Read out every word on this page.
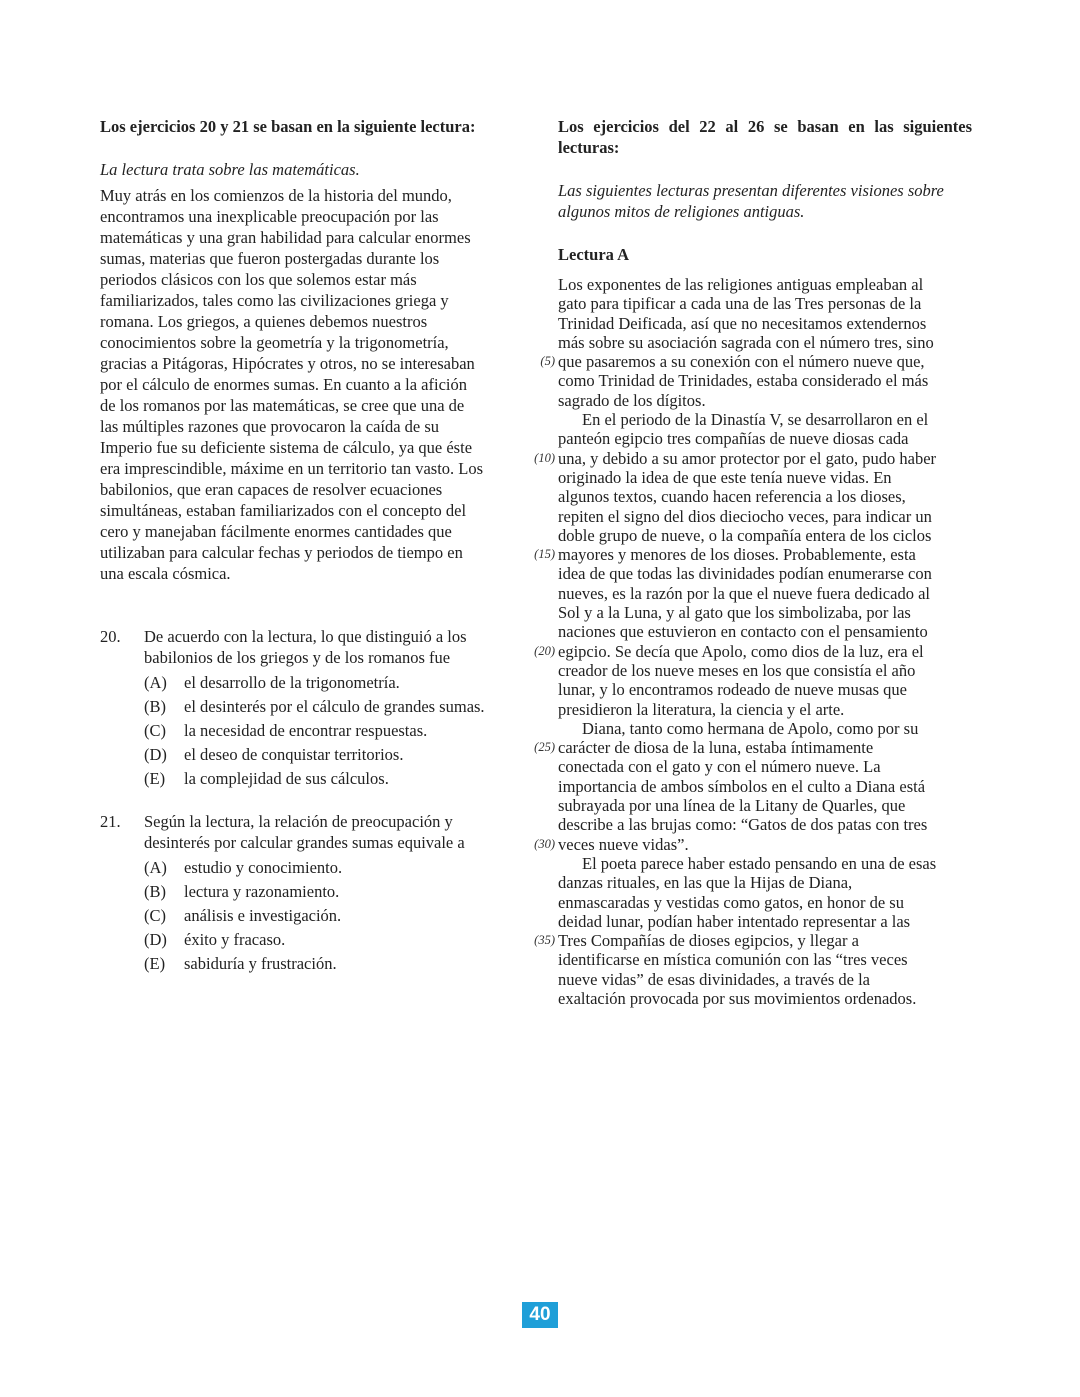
Los ejercicios 20 y 21 se basan en la siguiente lectura:

La lectura trata sobre las matemáticas.

Muy atrás en los comienzos de la historia del mundo,
encontramos una inexplicable preocupación por las
matemáticas y una gran habilidad para calcular enormes
sumas, materias que fueron postergadas durante los
periodos clásicos con los que solemos estar más
familiarizados, tales como las civilizaciones griega y
romana. Los griegos, a quienes debemos nuestros
conocimientos sobre la geometría y la trigonometría,
gracias a Pitágoras, Hipócrates y otros, no se interesaban
por el cálculo de enormes sumas. En cuanto a la afición
de los romanos por las matemáticas, se cree que una de
las múltiples razones que provocaron la caída de su
Imperio fue su deficiente sistema de cálculo, ya que éste
era imprescindible, máxime en un territorio tan vasto. Los
babilonios, que eran capaces de resolver ecuaciones
simultáneas, estaban familiarizados con el concepto del
cero y manejaban fácilmente enormes cantidades que
utilizaban para calcular fechas y periodos de tiempo en
una escala cósmica.
20. De acuerdo con la lectura, lo que distinguió a los
babilonios de los griegos y de los romanos fue
(A) el desarrollo de la trigonometría.
(B) el desinterés por el cálculo de grandes sumas.
(C) la necesidad de encontrar respuestas.
(D) el deseo de conquistar territorios.
(E) la complejidad de sus cálculos.
21. Según la lectura, la relación de preocupación y
desinterés por calcular grandes sumas equivale a
(A) estudio y conocimiento.
(B) lectura y razonamiento.
(C) análisis e investigación.
(D) éxito y fracaso.
(E) sabiduría y frustración.

Los ejercicios del 22 al 26 se basan en las siguientes lecturas:

Las siguientes lecturas presentan diferentes visiones sobre algunos mitos de religiones antiguas.

Lectura A

Los exponentes de las religiones antiguas empleaban al
gato para tipificar a cada una de las Tres personas de la
Trinidad Deificada, así que no necesitamos extendernos
más sobre su asociación sagrada con el número tres, sino
(5) que pasaremos a su conexión con el número nueve que,
como Trinidad de Trinidades, estaba considerado el más
sagrado de los dígitos.
En el periodo de la Dinastía V, se desarrollaron en el
panteón egipcio tres compañías de nueve diosas cada
(10) una, y debido a su amor protector por el gato, pudo haber
originado la idea de que este tenía nueve vidas. En
algunos textos, cuando hacen referencia a los dioses,
repiten el signo del dios dieciocho veces, para indicar un
doble grupo de nueve, o la compañía entera de los ciclos
(15) mayores y menores de los dioses. Probablemente, esta
idea de que todas las divinidades podían enumerarse con
nueves, es la razón por la que el nueve fuera dedicado al
Sol y a la Luna, y al gato que los simbolizaba, por las
naciones que estuvieron en contacto con el pensamiento
(20) egipcio. Se decía que Apolo, como dios de la luz, era el
creador de los nueve meses en los que consistía el año
lunar, y lo encontramos rodeado de nueve musas que
presidieron la literatura, la ciencia y el arte.
Diana, tanto como hermana de Apolo, como por su
(25) carácter de diosa de la luna, estaba íntimamente
conectada con el gato y con el número nueve. La
importancia de ambos símbolos en el culto a Diana está
subrayada por una línea de la Litany de Quarles, que
describe a las brujas como: “Gatos de dos patas con tres
(30) veces nueve vidas”.
El poeta parece haber estado pensando en una de esas
danzas rituales, en las que la Hijas de Diana,
enmascaradas y vestidas como gatos, en honor de su
deidad lunar, podían haber intentado representar a las
(35) Tres Compañías de dioses egipcios, y llegar a
identificarse en mística comunión con las “tres veces
nueve vidas” de esas divinidades, a través de la
exaltación provocada por sus movimientos ordenados.
40
